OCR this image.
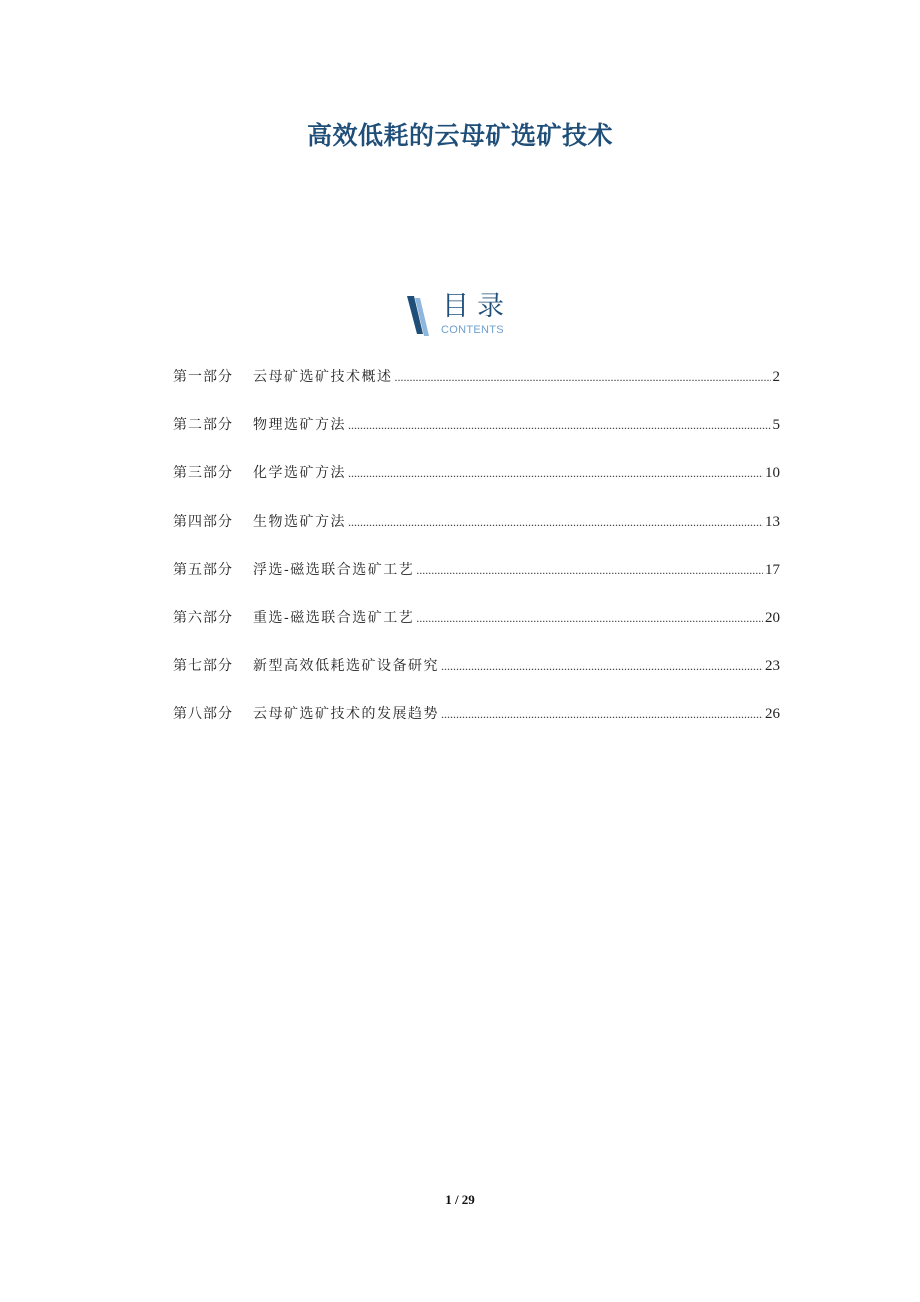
高效低耗的云母矿选矿技术
目录
CONTENTS
第一部分	云母矿选矿技术概述 .....	2
第二部分	物理选矿方法 .....	5
第三部分	化学选矿方法 .....	10
第四部分	生物选矿方法 .....	13
第五部分	浮选-磁选联合选矿工艺 .....	17
第六部分	重选-磁选联合选矿工艺 .....	20
第七部分	新型高效低耗选矿设备研究 .....	23
第八部分	云母矿选矿技术的发展趋势 .....	26
1 / 29
